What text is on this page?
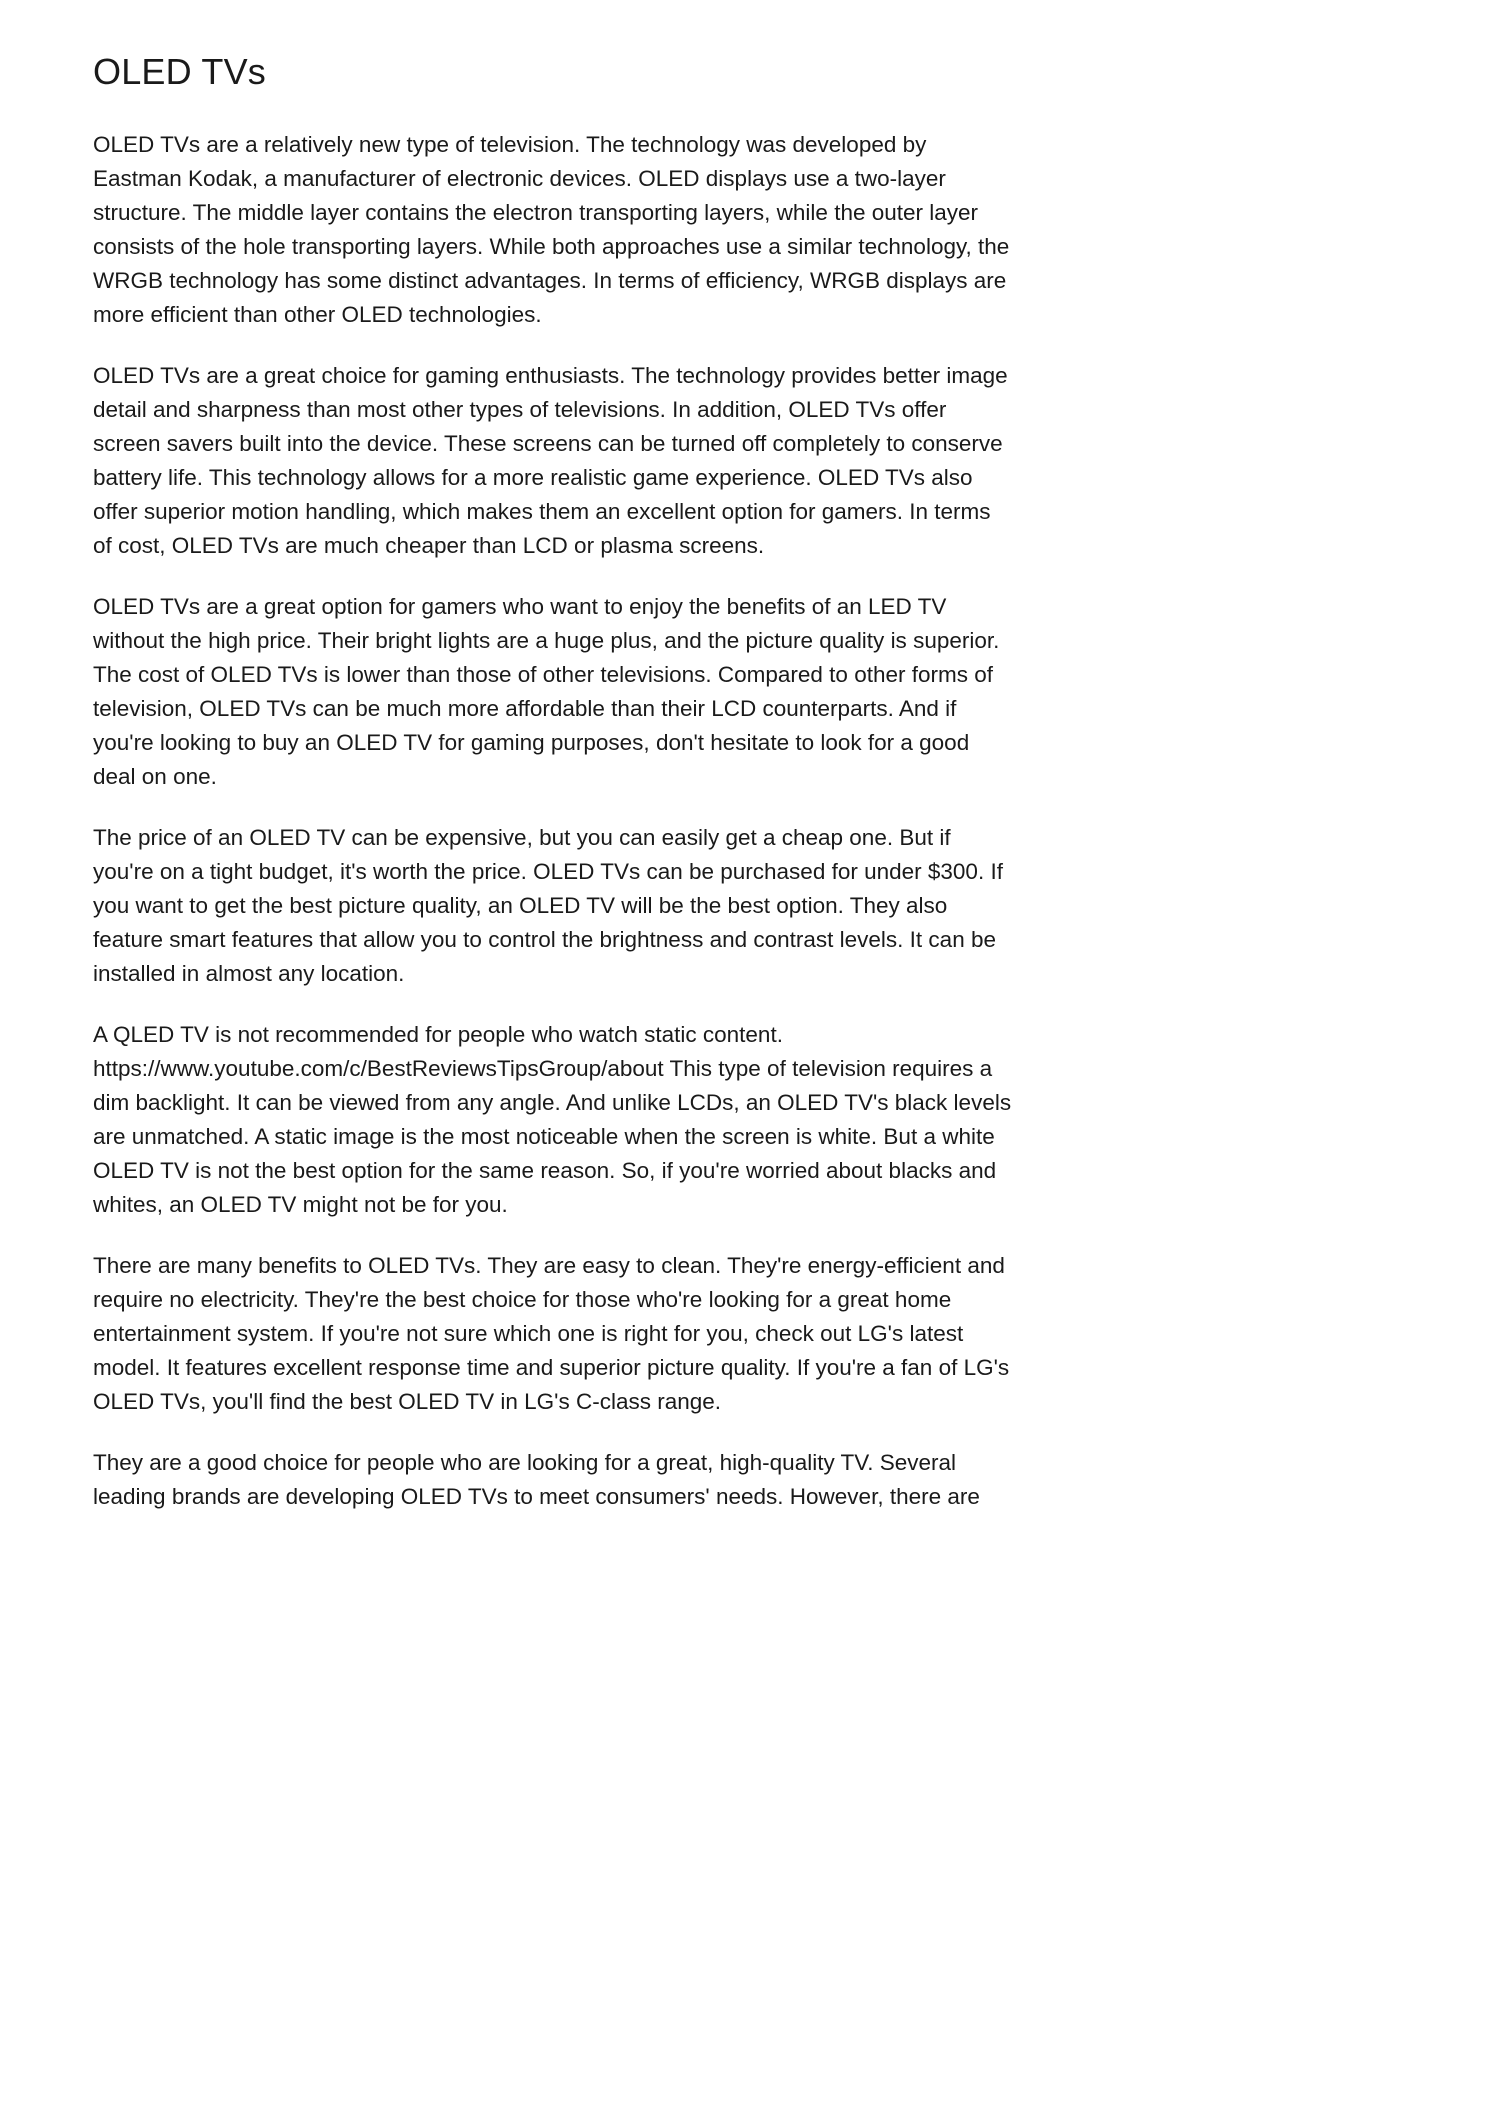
OLED TVs

OLED TVs are a relatively new type of television. The technology was developed by Eastman Kodak, a manufacturer of electronic devices. OLED displays use a two-layer structure. The middle layer contains the electron transporting layers, while the outer layer consists of the hole transporting layers. While both approaches use a similar technology, the WRGB technology has some distinct advantages. In terms of efficiency, WRGB displays are more efficient than other OLED technologies.

OLED TVs are a great choice for gaming enthusiasts. The technology provides better image detail and sharpness than most other types of televisions. In addition, OLED TVs offer screen savers built into the device. These screens can be turned off completely to conserve battery life. This technology allows for a more realistic game experience. OLED TVs also offer superior motion handling, which makes them an excellent option for gamers. In terms of cost, OLED TVs are much cheaper than LCD or plasma screens.

OLED TVs are a great option for gamers who want to enjoy the benefits of an LED TV without the high price. Their bright lights are a huge plus, and the picture quality is superior. The cost of OLED TVs is lower than those of other televisions. Compared to other forms of television, OLED TVs can be much more affordable than their LCD counterparts. And if you're looking to buy an OLED TV for gaming purposes, don't hesitate to look for a good deal on one.

The price of an OLED TV can be expensive, but you can easily get a cheap one. But if you're on a tight budget, it's worth the price. OLED TVs can be purchased for under $300. If you want to get the best picture quality, an OLED TV will be the best option. They also feature smart features that allow you to control the brightness and contrast levels. It can be installed in almost any location.

A QLED TV is not recommended for people who watch static content. https://www.youtube.com/c/BestReviewsTipsGroup/about This type of television requires a dim backlight. It can be viewed from any angle. And unlike LCDs, an OLED TV's black levels are unmatched. A static image is the most noticeable when the screen is white. But a white OLED TV is not the best option for the same reason. So, if you're worried about blacks and whites, an OLED TV might not be for you.

There are many benefits to OLED TVs. They are easy to clean. They're energy-efficient and require no electricity. They're the best choice for those who're looking for a great home entertainment system. If you're not sure which one is right for you, check out LG's latest model. It features excellent response time and superior picture quality. If you're a fan of LG's OLED TVs, you'll find the best OLED TV in LG's C-class range.

They are a good choice for people who are looking for a great, high-quality TV. Several leading brands are developing OLED TVs to meet consumers' needs. However, there are
